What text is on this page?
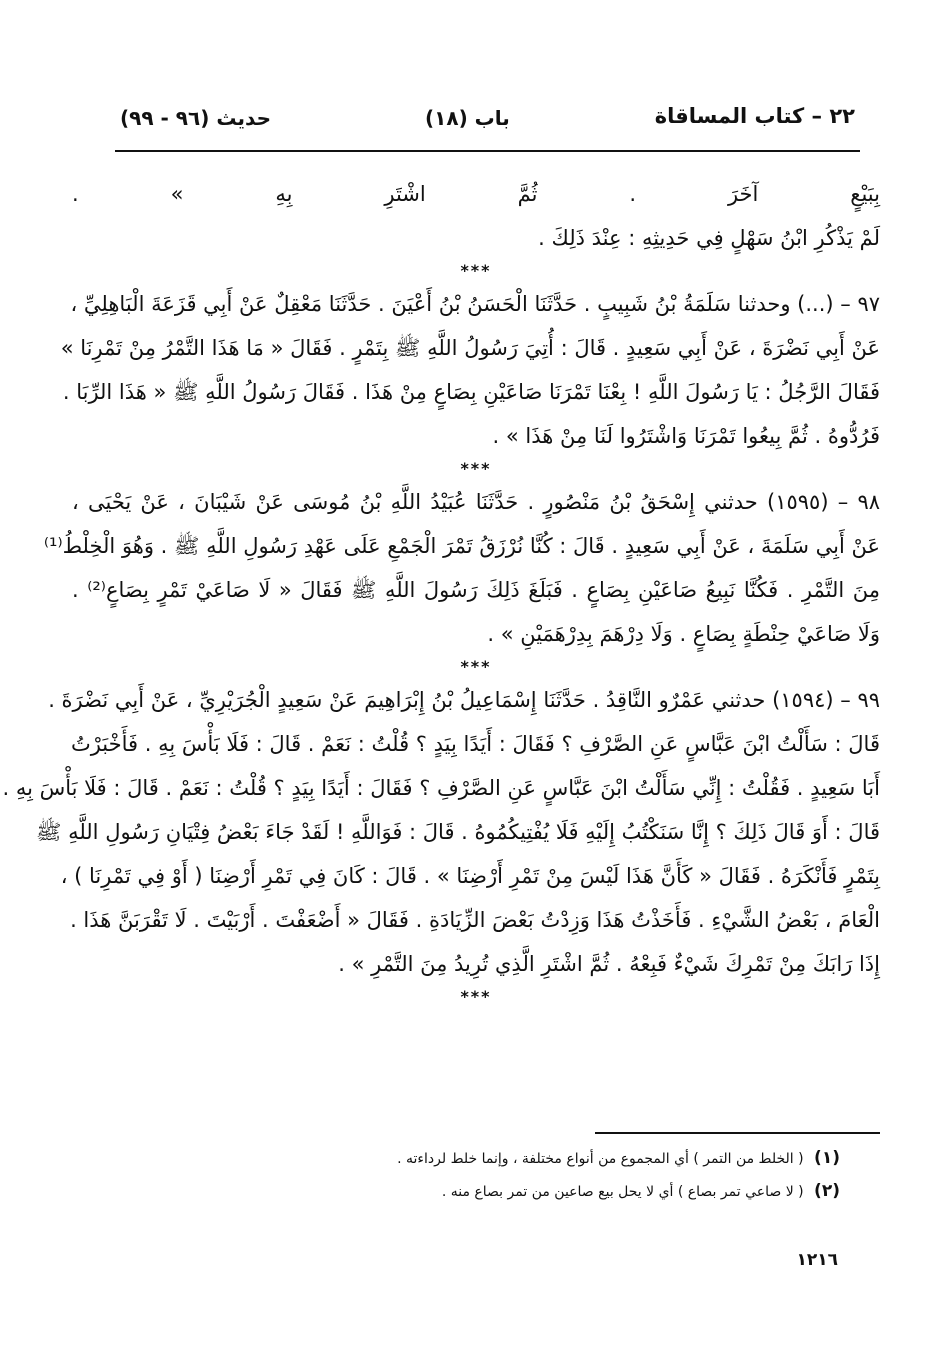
(٩٦ - ٩٩) حديث	(١٨) باب	٢٢ – كتاب المساقاة
بِبَيْعٍ آخَرَ . ثُمَّ اشْتَرِ بِهِ » .
لَمْ يَذْكُرِ ابْنُ سَهْلٍ فِي حَدِيثِهِ : عِنْدَ ذَلِكَ .
***
٩٧ – (...) وحدثنا سَلَمَةُ بْنُ شَبِيبٍ . حَدَّثَنَا الْحَسَنُ بْنُ أَعْيَنَ . حَدَّثَنَا مَعْقِلٌ عَنْ أَبِي قَزَعَةَ الْبَاهِلِيِّ ،
عَنْ أَبِي نَضْرَةَ ، عَنْ أَبِي سَعِيدٍ . قَالَ : أُتِيَ رَسُولُ اللَّهِ ﷺ بِتَمْرٍ . فَقَالَ « مَا هَذَا التَّمْرُ مِنْ تَمْرِنَا »
فَقَالَ الرَّجُلُ : يَا رَسُولَ اللَّهِ ! بِعْنَا تَمْرَنَا صَاعَيْنِ بِصَاعٍ مِنْ هَذَا . فَقَالَ رَسُولُ اللَّهِ ﷺ « هَذَا الرِّبَا .
فَرُدُّوهُ . ثُمَّ بِيعُوا تَمْرَنَا وَاشْتَرُوا لَنَا مِنْ هَذَا » .
***
٩٨ – (١٥٩٥) حدثني إِسْحَقُ بْنُ مَنْصُورٍ . حَدَّثَنَا عُبَيْدُ اللَّهِ بْنُ مُوسَى عَنْ شَيْبَانَ ، عَنْ يَحْيَى ،
عَنْ أَبِي سَلَمَةَ ، عَنْ أَبِي سَعِيدٍ . قَالَ : كُنَّا نُرْزَقُ تَمْرَ الْجَمْعِ عَلَى عَهْدِ رَسُولِ اللَّهِ ﷺ . وَهُوَ الْخِلْطُ⁽¹⁾
مِنَ التَّمْرِ . فَكُنَّا نَبِيعُ صَاعَيْنِ بِصَاعٍ . فَبَلَغَ ذَلِكَ رَسُولَ اللَّهِ ﷺ فَقَالَ « لَا صَاعَيْ تَمْرٍ بِصَاعٍ⁽²⁾ .
وَلَا صَاعَيْ حِنْطَةٍ بِصَاعٍ . وَلَا دِرْهَمَ بِدِرْهَمَيْنِ » .
***
٩٩ – (١٥٩٤) حدثني عَمْرٌو النَّاقِدُ . حَدَّثَنَا إِسْمَاعِيلُ بْنُ إِبْرَاهِيمَ عَنْ سَعِيدٍ الْجُرَيْرِيِّ ، عَنْ أَبِي نَضْرَةَ .
قَالَ : سَأَلْتُ ابْنَ عَبَّاسٍ عَنِ الصَّرْفِ ؟ فَقَالَ : أَيَدًا بِيَدٍ ؟ قُلْتُ : نَعَمْ . قَالَ : فَلَا بَأْسَ بِهِ . فَأَخْبَرْتُ
أَبَا سَعِيدٍ . فَقُلْتُ : إِنِّي سَأَلْتُ ابْنَ عَبَّاسٍ عَنِ الصَّرْفِ ؟ فَقَالَ : أَيَدًا بِيَدٍ ؟ قُلْتُ : نَعَمْ . قَالَ : فَلَا بَأْسَ بِهِ .
قَالَ : أَوَ قَالَ ذَلِكَ ؟ إِنَّا سَنَكْتُبُ إِلَيْهِ فَلَا يُفْتِيكُمُوهُ . قَالَ : فَوَاللَّهِ ! لَقَدْ جَاءَ بَعْضُ فِتْيَانِ رَسُولِ اللَّهِ ﷺ
بِتَمْرٍ فَأَنْكَرَهُ . فَقَالَ « كَأَنَّ هَذَا لَيْسَ مِنْ تَمْرِ أَرْضِنَا » . قَالَ : كَانَ فِي تَمْرِ أَرْضِنَا ( أَوْ فِي تَمْرِنَا ) ،
الْعَامَ ، بَعْضُ الشَّيْءِ . فَأَخَذْتُ هَذَا وَزِدْتُ بَعْضَ الزِّيَادَةِ . فَقَالَ « أَضْعَفْتَ . أَرْبَيْتَ . لَا تَقْرَبَنَّ هَذَا .
إِذَا رَابَكَ مِنْ تَمْرِكَ شَيْءٌ فَبِعْهُ . ثُمَّ اشْتَرِ الَّذِي تُرِيدُ مِنَ التَّمْرِ » .
***
(١) ( الخلط من التمر ) أي المجموع من أنواع مختلفة ، وإنما خلط لرداءته .
(٢) ( لا صاعي تمر بصاع ) أي لا يحل بيع صاعين من تمر بصاع منه .
١٢١٦
